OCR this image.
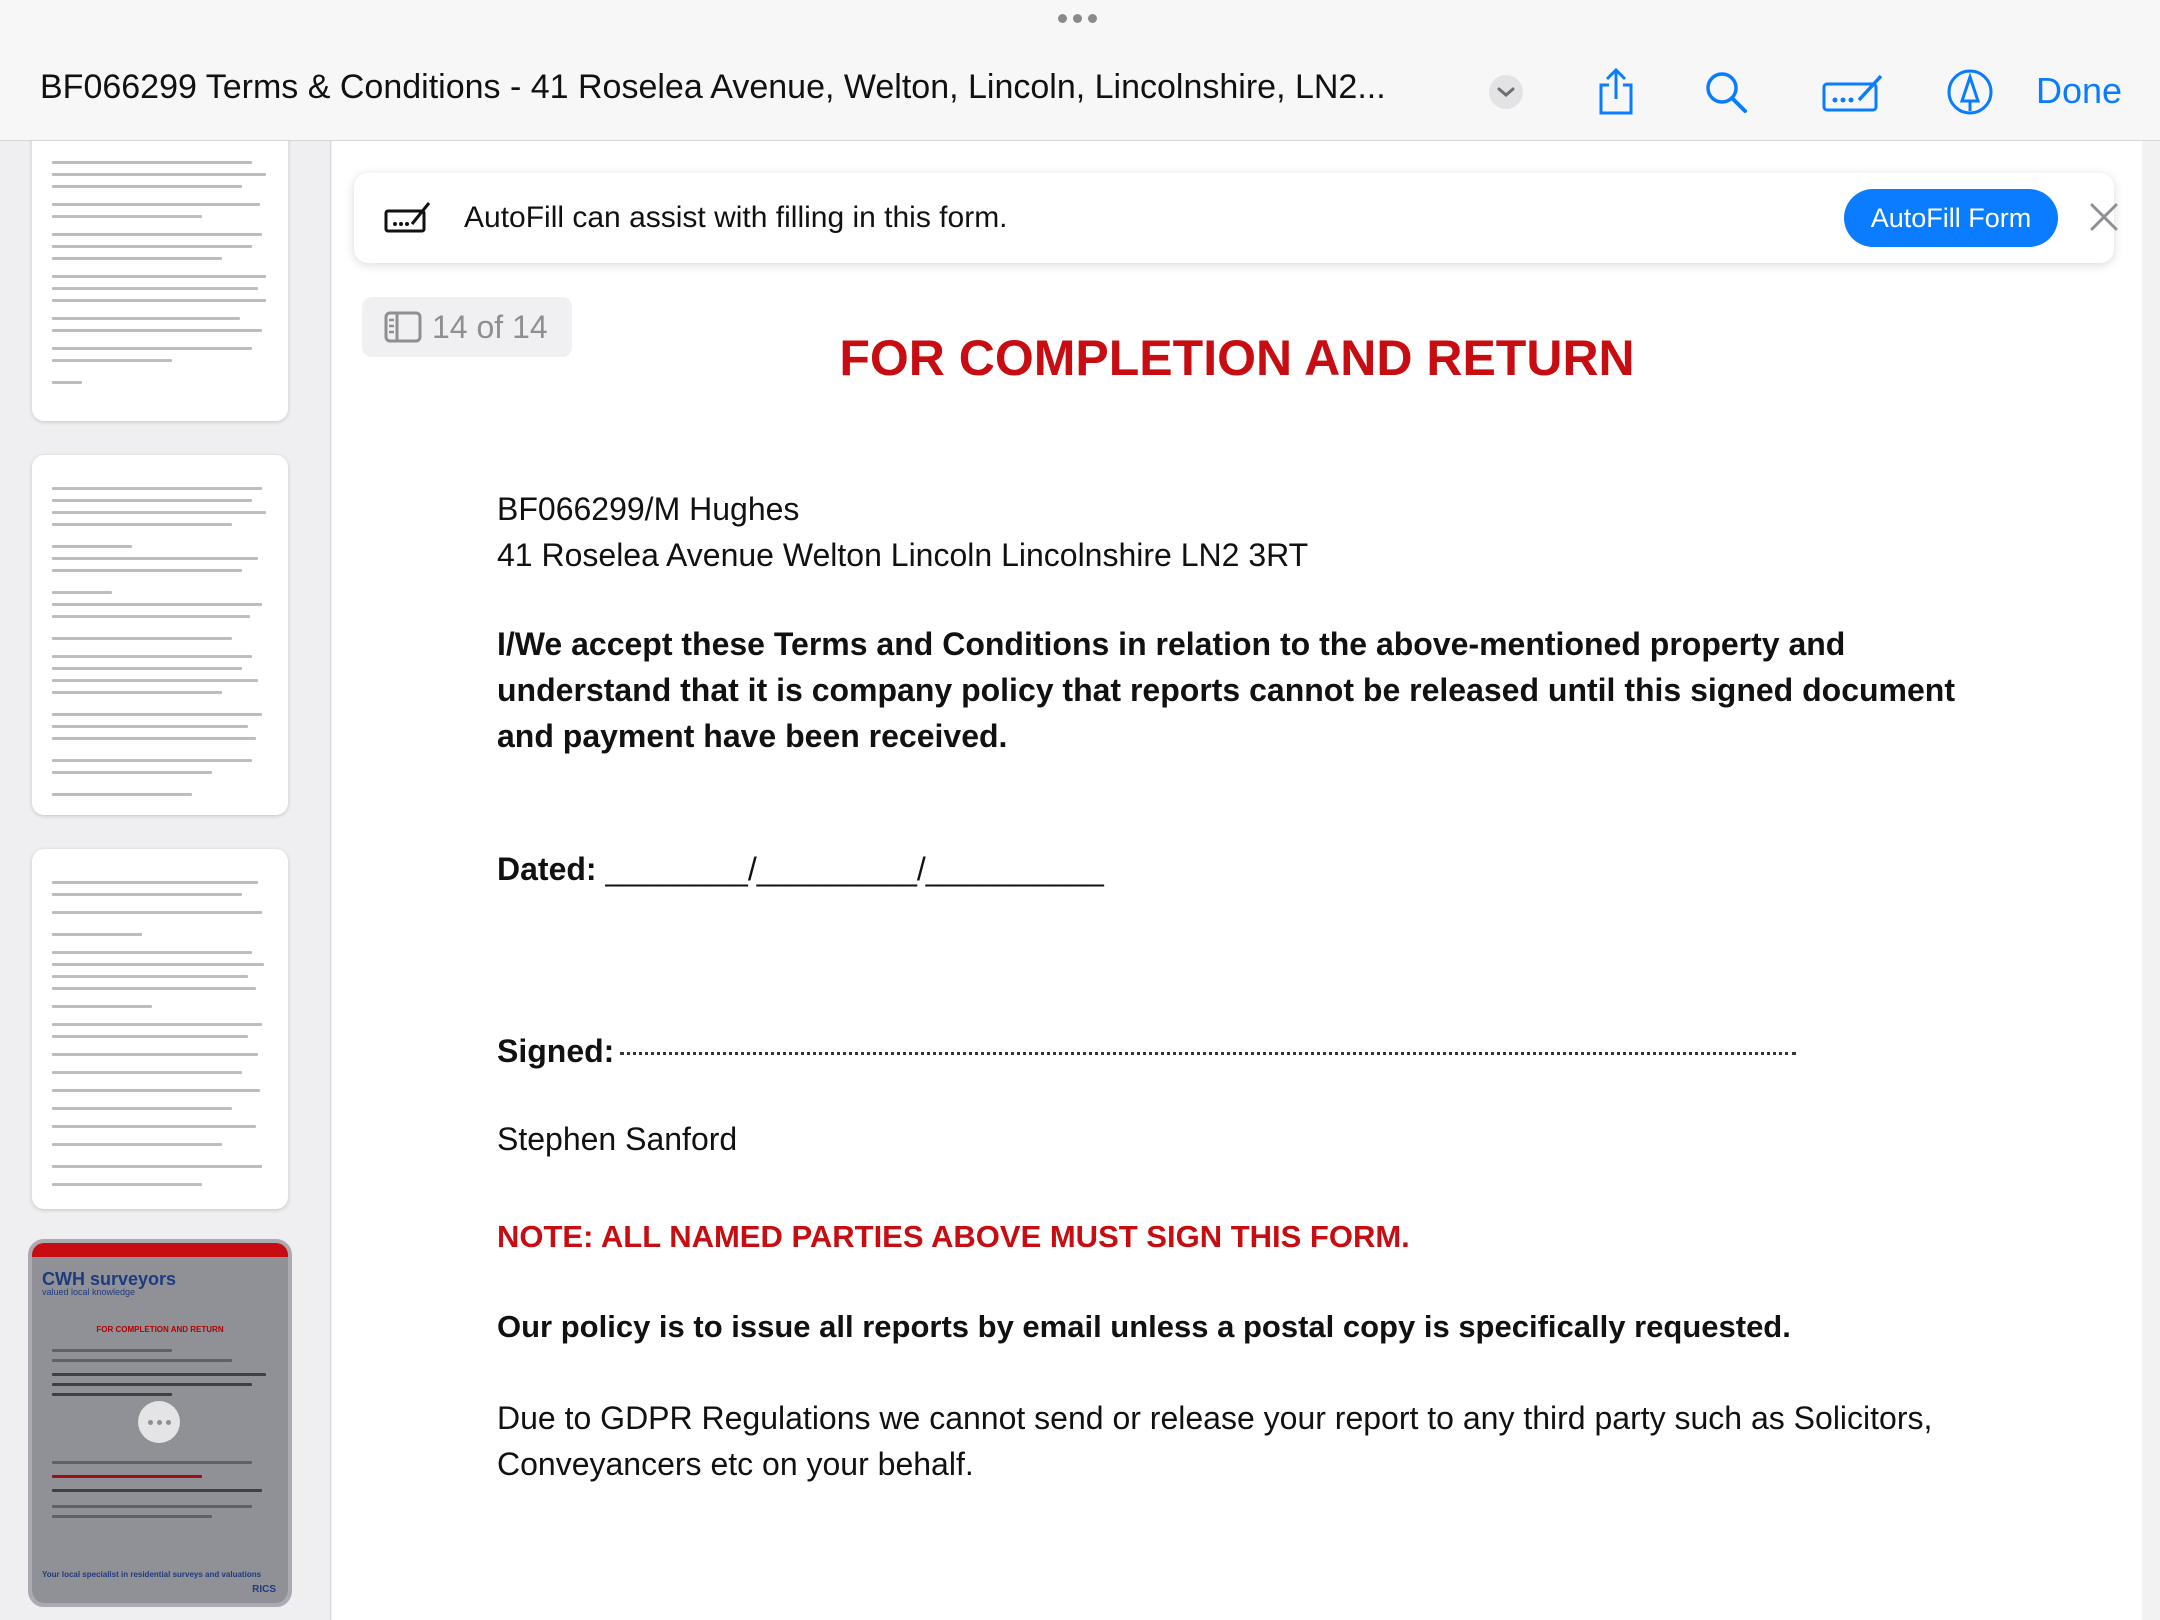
BF066299 Terms & Conditions - 41 Roselea Avenue, Welton, Lincoln, Lincolnshire, LN2...	Done
CWH surveyors
valued local knowledge
FOR COMPLETION AND RETURN
Your local specialist in residential surveys and valuations
RICS
AutoFill can assist with filling in this form.	AutoFill Form
14 of 14
FOR COMPLETION AND RETURN
BF066299/M Hughes
41 Roselea Avenue Welton Lincoln Lincolnshire LN2 3RT
I/We accept these Terms and Conditions in relation to the above-mentioned property and understand that it is company policy that reports cannot be released until this signed document and payment have been received.
Dated: ________/_________/__________
Signed:
Stephen Sanford
NOTE: ALL NAMED PARTIES ABOVE MUST SIGN THIS FORM.
Our policy is to issue all reports by email unless a postal copy is specifically requested.
Due to GDPR Regulations we cannot send or release your report to any third party such as Solicitors, Conveyancers etc on your behalf.
